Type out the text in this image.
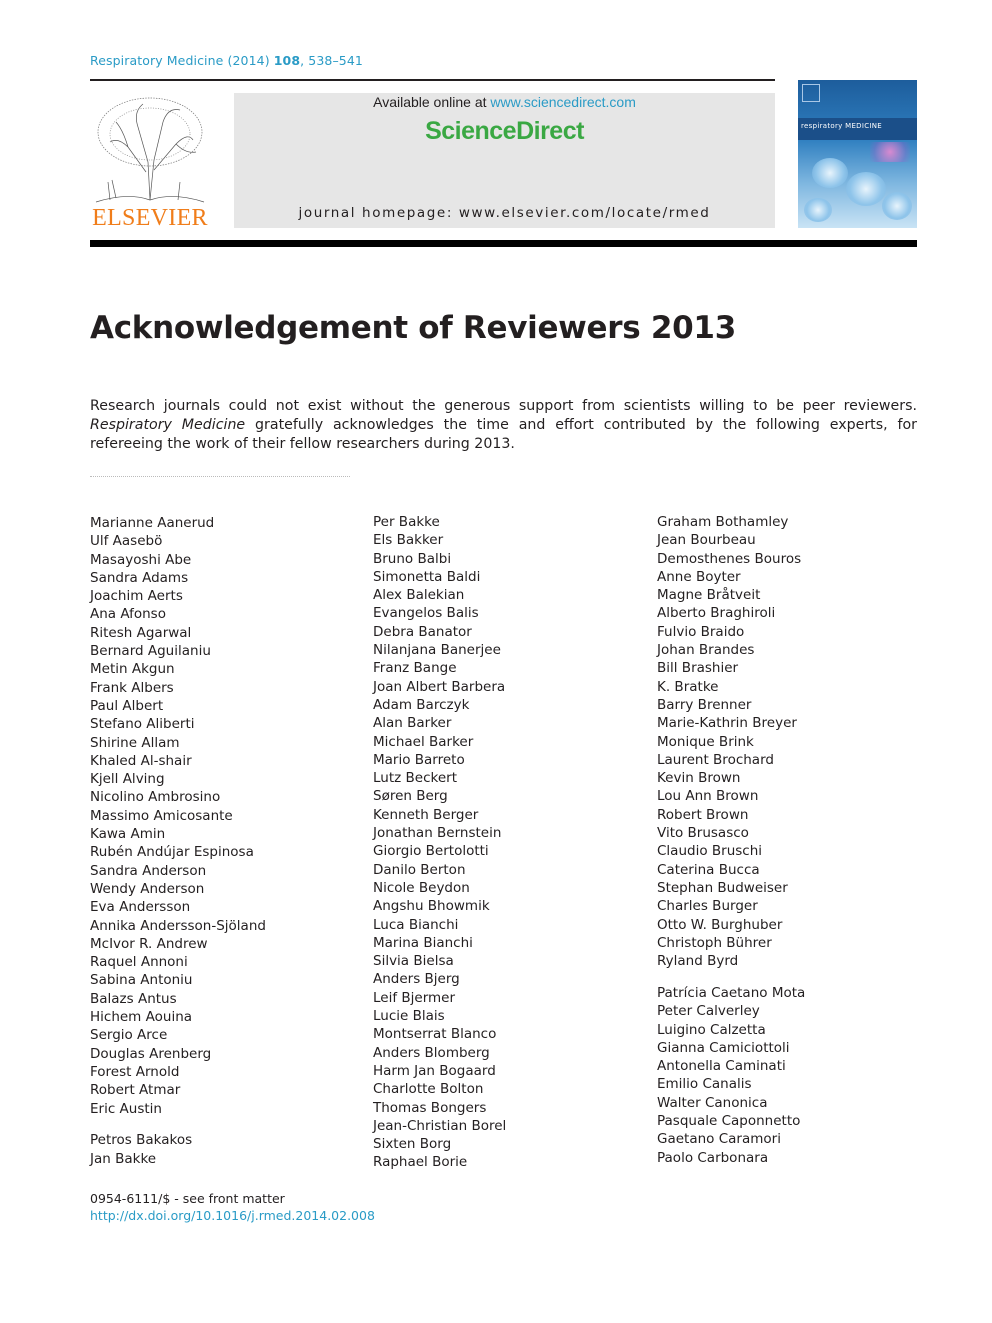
Respiratory Medicine (2014) 108, 538–541
ELSEVIER
Available online at www.sciencedirect.com
ScienceDirect
journal homepage: www.elsevier.com/locate/rmed
respiratory MEDICINE
Acknowledgement of Reviewers 2013

Research journals could not exist without the generous support from scientists willing to be peer reviewers. Respiratory Medicine gratefully acknowledges the time and effort contributed by the following experts, for refereeing the work of their fellow researchers during 2013.

Marianne Aanerud
Ulf Aasebö
Masayoshi Abe
Sandra Adams
Joachim Aerts
Ana Afonso
Ritesh Agarwal
Bernard Aguilaniu
Metin Akgun
Frank Albers
Paul Albert
Stefano Aliberti
Shirine Allam
Khaled Al-shair
Kjell Alving
Nicolino Ambrosino
Massimo Amicosante
Kawa Amin
Rubén Andújar Espinosa
Sandra Anderson
Wendy Anderson
Eva Andersson
Annika Andersson-Sjöland
McIvor R. Andrew
Raquel Annoni
Sabina Antoniu
Balazs Antus
Hichem Aouina
Sergio Arce
Douglas Arenberg
Forest Arnold
Robert Atmar
Eric Austin
Petros Bakakos
Jan Bakke
Per Bakke
Els Bakker
Bruno Balbi
Simonetta Baldi
Alex Balekian
Evangelos Balis
Debra Banator
Nilanjana Banerjee
Franz Bange
Joan Albert Barbera
Adam Barczyk
Alan Barker
Michael Barker
Mario Barreto
Lutz Beckert
Søren Berg
Kenneth Berger
Jonathan Bernstein
Giorgio Bertolotti
Danilo Berton
Nicole Beydon
Angshu Bhowmik
Luca Bianchi
Marina Bianchi
Silvia Bielsa
Anders Bjerg
Leif Bjermer
Lucie Blais
Montserrat Blanco
Anders Blomberg
Harm Jan Bogaard
Charlotte Bolton
Thomas Bongers
Jean-Christian Borel
Sixten Borg
Raphael Borie
Graham Bothamley
Jean Bourbeau
Demosthenes Bouros
Anne Boyter
Magne Bråtveit
Alberto Braghiroli
Fulvio Braido
Johan Brandes
Bill Brashier
K. Bratke
Barry Brenner
Marie-Kathrin Breyer
Monique Brink
Laurent Brochard
Kevin Brown
Lou Ann Brown
Robert Brown
Vito Brusasco
Claudio Bruschi
Caterina Bucca
Stephan Budweiser
Charles Burger
Otto W. Burghuber
Christoph Bührer
Ryland Byrd
Patrícia Caetano Mota
Peter Calverley
Luigino Calzetta
Gianna Camiciottoli
Antonella Caminati
Emilio Canalis
Walter Canonica
Pasquale Caponnetto
Gaetano Caramori
Paolo Carbonara
0954-6111/$ - see front matter
http://dx.doi.org/10.1016/j.rmed.2014.02.008
